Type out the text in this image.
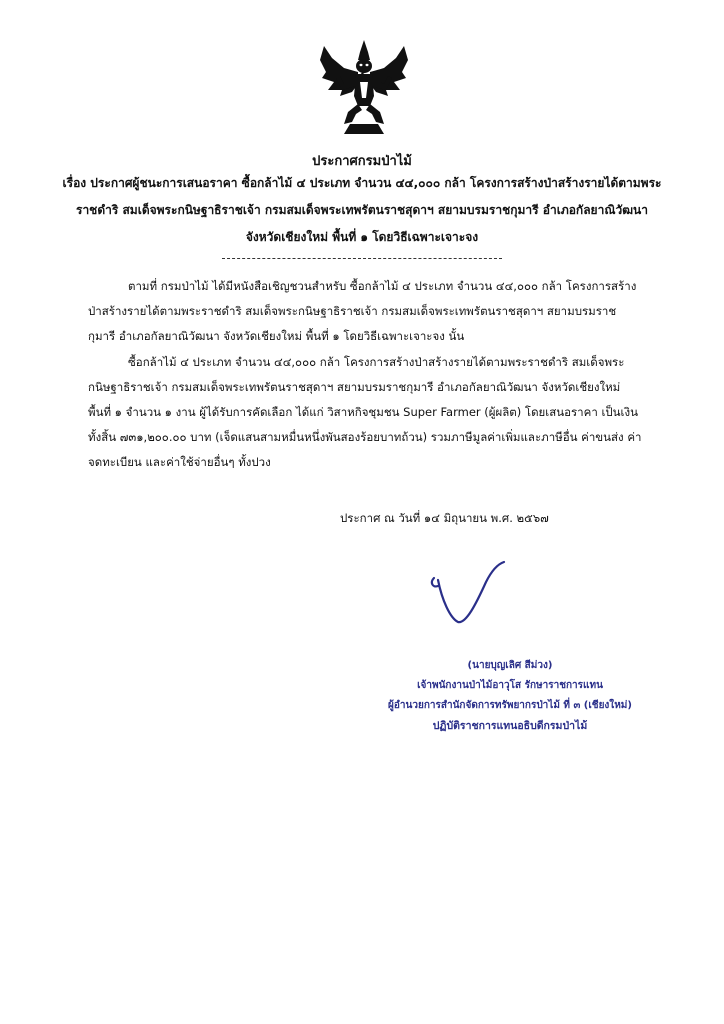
ประกาศกรมป่าไม้
เรื่อง ประกาศผู้ชนะการเสนอราคา ซื้อกล้าไม้ ๔ ประเภท จำนวน ๔๔,๐๐๐ กล้า โครงการสร้างป่าสร้างรายได้ตามพระราชดำริ สมเด็จพระกนิษฐาธิราชเจ้า กรมสมเด็จพระเทพรัตนราชสุดาฯ สยามบรมราชกุมารี อำเภอกัลยาณิวัฒนา จังหวัดเชียงใหม่ พื้นที่ ๑ โดยวิธีเฉพาะเจาะจง
ตามที่ กรมป่าไม้ ได้มีหนังสือเชิญชวนสำหรับ ซื้อกล้าไม้ ๔ ประเภท จำนวน ๔๔,๐๐๐ กล้า โครงการสร้างป่าสร้างรายได้ตามพระราชดำริ สมเด็จพระกนิษฐาธิราชเจ้า กรมสมเด็จพระเทพรัตนราชสุดาฯ สยามบรมราชกุมารี อำเภอกัลยาณิวัฒนา จังหวัดเชียงใหม่ พื้นที่ ๑ โดยวิธีเฉพาะเจาะจง นั้น
ซื้อกล้าไม้ ๔ ประเภท จำนวน ๔๔,๐๐๐ กล้า โครงการสร้างป่าสร้างรายได้ตามพระราชดำริ สมเด็จพระกนิษฐาธิราชเจ้า กรมสมเด็จพระเทพรัตนราชสุดาฯ สยามบรมราชกุมารี อำเภอกัลยาณิวัฒนา จังหวัดเชียงใหม่ พื้นที่ ๑ จำนวน ๑ งาน ผู้ได้รับการคัดเลือก ได้แก่ วิสาหกิจชุมชน Super Farmer (ผู้ผลิต) โดยเสนอราคา เป็นเงินทั้งสิ้น ๗๓๑,๒๐๐.๐๐ บาท (เจ็ดแสนสามหมื่นหนึ่งพันสองร้อยบาทถ้วน) รวมภาษีมูลค่าเพิ่มและภาษีอื่น ค่าขนส่ง ค่าจดทะเบียน และค่าใช้จ่ายอื่นๆ ทั้งปวง
ประกาศ ณ วันที่ ๑๔ มิถุนายน พ.ศ. ๒๕๖๗
(นายบุญเลิศ สีม่วง)
เจ้าพนักงานป่าไม้อาวุโส รักษาราชการแทน
ผู้อำนวยการสำนักจัดการทรัพยากรป่าไม้ ที่ ๓ (เชียงใหม่)
ปฏิบัติราชการแทนอธิบดีกรมป่าไม้
